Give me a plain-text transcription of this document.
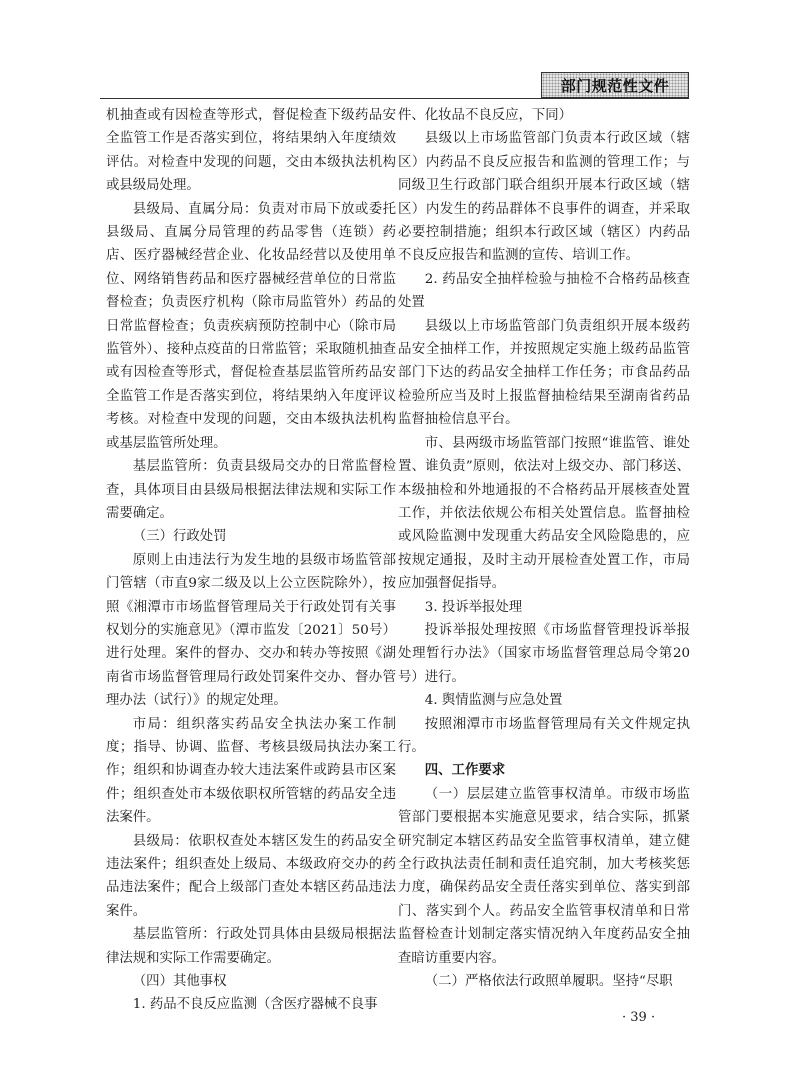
部门规范性文件

机抽查或有因检查等形式，督促检查下级药品安全监管工作是否落实到位，将结果纳入年度绩效评估。对检查中发现的问题，交由本级执法机构或县级局处理。

县级局、直属分局：负责对市局下放或委托县级局、直属分局管理的药品零售（连锁）药店、医疗器械经营企业、化妆品经营以及使用单位、网络销售药品和医疗器械经营单位的日常监督检查；负责医疗机构（除市局监管外）药品的日常监督检查；负责疾病预防控制中心（除市局监管外）、接种点疫苗的日常监管；采取随机抽查或有因检查等形式，督促检查基层监管所药品安全监管工作是否落实到位，将结果纳入年度评议考核。对检查中发现的问题，交由本级执法机构或基层监管所处理。

基层监管所：负责县级局交办的日常监督检查，具体项目由县级局根据法律法规和实际工作需要确定。

（三）行政处罚

原则上由违法行为发生地的县级市场监管部门管辖（市直9家二级及以上公立医院除外），按照《湘潭市市场监督管理局关于行政处罚有关事权划分的实施意见》（潭市监发〔2021〕50号）进行处理。案件的督办、交办和转办等按照《湖南省市场监督管理局行政处罚案件交办、督办管理办法（试行）》的规定处理。

市局：组织落实药品安全执法办案工作制度；指导、协调、监督、考核县级局执法办案工作；组织和协调查办较大违法案件或跨县市区案件；组织查处市本级依职权所管辖的药品安全违法案件。

县级局：依职权查处本辖区发生的药品安全违法案件；组织查处上级局、本级政府交办的药品违法案件；配合上级部门查处本辖区药品违法案件。

基层监管所：行政处罚具体由县级局根据法律法规和实际工作需要确定。

（四）其他事权

1. 药品不良反应监测（含医疗器械不良事

件、化妆品不良反应，下同）

县级以上市场监管部门负责本行政区域（辖区）内药品不良反应报告和监测的管理工作；与同级卫生行政部门联合组织开展本行政区域（辖区）内发生的药品群体不良事件的调查，并采取必要控制措施；组织本行政区域（辖区）内药品不良反应报告和监测的宣传、培训工作。

2. 药品安全抽样检验与抽检不合格药品核查处置

县级以上市场监管部门负责组织开展本级药品安全抽样工作，并按照规定实施上级药品监管部门下达的药品安全抽样工作任务；市食品药品检验所应当及时上报监督抽检结果至湖南省药品监督抽检信息平台。

市、县两级市场监管部门按照“谁监管、谁处置、谁负责”原则，依法对上级交办、部门移送、本级抽检和外地通报的不合格药品开展核查处置工作，并依法依规公布相关处置信息。监督抽检或风险监测中发现重大药品安全风险隐患的，应按规定通报，及时主动开展检查处置工作，市局应加强督促指导。

3. 投诉举报处理

投诉举报处理按照《市场监督管理投诉举报处理暂行办法》（国家市场监督管理总局令第20号）进行。

4. 舆情监测与应急处置

按照湘潭市市场监督管理局有关文件规定执行。

四、工作要求

（一）层层建立监管事权清单。市级市场监管部门要根据本实施意见要求，结合实际，抓紧研究制定本辖区药品安全监管事权清单，建立健全行政执法责任制和责任追究制，加大考核奖惩力度，确保药品安全责任落实到单位、落实到部门、落实到个人。药品安全监管事权清单和日常监督检查计划制定落实情况纳入年度药品安全抽查暗访重要内容。

（二）严格依法行政照单履职。坚持“尽职

· 39 ·
